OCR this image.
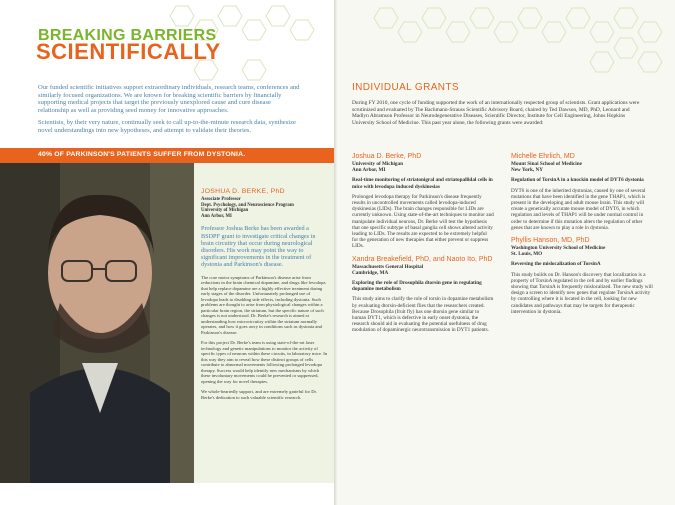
BREAKING BARRIERS
SCIENTIFICALLY

Our funded scientific initiatives support extraordinary individuals, research teams, conferences and similarly focused organizations. We are known for breaking scientific barriers by financially supporting medical projects that target the previously unexplored cause and cure disease relationship as well as providing seed money for innovative approaches.

Scientists, by their very nature, continually seek to call up-to-the-minute research data, synthesize novel understandings into new hypotheses, and attempt to validate their theories.

40% OF PARKINSON'S PATIENTS SUFFER FROM DYSTONIA.
JOSHUA D. BERKE, PhD
Associate Professor
Dept. Psychology, and Neuroscience Program
University of Michigan
Ann Arbor, MI
Professor Joshua Berke has been awarded a BSDPF grant to investigate critical changes in brain circuitry that occur during neurological disorders. His work may point the way to significant improvements in the treatment of dystonia and Parkinson's disease.

The core motor symptoms of Parkinson's disease arise from reductions in the brain chemical dopamine, and drugs like levodopa that help replace dopamine are a highly effective treatment during early stages of the disorder. Unfortunately prolonged use of levodopa leads to disabling side effects, including dystonia. Such problems are thought to arise from physiological changes within a particular brain region, the striatum, but the specific nature of such changes is not understood. Dr. Berke's research is aimed at understanding how microcircuitry within the striatum normally operates, and how it goes awry in conditions such as dystonia and Parkinson's disease.

For this project Dr. Berke's team is using state-of-the-art laser technology and genetic manipulations to monitor the activity of specific types of neurons within these circuits, in laboratory mice. In this way they aim to reveal how these distinct groups of cells contribute to abnormal movements following prolonged levodopa therapy. Success would help identify new mechanisms by which these involuntary movements could be prevented or suppressed, opening the way for novel therapies.

We whole-heartedly support, and are extremely grateful for Dr. Berke's dedication to such valuable scientific research.

INDIVIDUAL GRANTS
During FY 2010, one cycle of funding supported the work of an internationally respected group of scientists. Grant applications were scrutinized and evaluated by The Bachmann-Strauss Scientific Advisory Board, chaired by Ted Dawson, MD, PhD, Leonard and Madlyn Abramson Professor in Neurodegenerative Diseases, Scientific Director, Institute for Cell Engineering, Johns Hopkins University School of Medicine. This past year alone, the following grants were awarded:
Joshua D. Berke, PhD
University of Michigan
Ann Arbor, MI
Real-time monitoring of striatonigral and striatopallidal cells in mice with levodopa induced dyskinesias
Prolonged levodopa therapy for Parkinson's disease frequently results in uncontrolled movements called levodopa-induced dyskinesias (LIDs). The brain changes responsible for LIDs are currently unknown. Using state-of-the-art techniques to monitor and manipulate individual neurons, Dr. Berke will test the hypothesis that one specific subtype of basal ganglia cell shows altered activity leading to LIDs. The results are expected to be extremely helpful for the generation of new therapies that either prevent or suppress LIDs.
Xandra Breakefield, PhD, and Naoto Ito, PhD
Massachusetts General Hospital
Cambridge, MA
Exploring the role of Drosophila dtorsin gene in regulating dopamine metabolism
This study aims to clarify the role of torsin in dopamine metabolism by evaluating dtorsin-deficient flies that the researchers created. Because Drosophila (fruit fly) has one dtorsin gene similar to human DYT1, which is defective in early onset dystonia, the research should aid in evaluating the potential usefulness of drug modulation of dopaminergic neurotransmission in DYT1 patients.
Michelle Ehrlich, MD
Mount Sinai School of Medicine
New York, NY
Regulation of TorsinA in a knockin model of DYT6 dystonia
DYT6 is one of the inherited dystonias, caused by one of several mutations that have been identified in the gene THAP1, which is present in the developing and adult mouse brain. This study will create a genetically accurate mouse model of DYT6, in which regulation and levels of THAP1 will be under normal control in order to determine if this mutation alters the regulation of other genes that are known to play a role in dystonia.
Phyllis Hanson, MD, PhD
Washington University School of Medicine
St. Louis, MO
Reversing the mislocalization of TorsinA
This study builds on Dr. Hanson's discovery that localization is a property of TorsinA regulated in the cell and by earlier findings showing that TorsinA is frequently mislocalized. The new study will design a screen to identify new genes that regulate TorsinA activity by controlling where it is located in the cell, looking for new candidates and pathways that may be targets for therapeutic intervention in dystonia.
